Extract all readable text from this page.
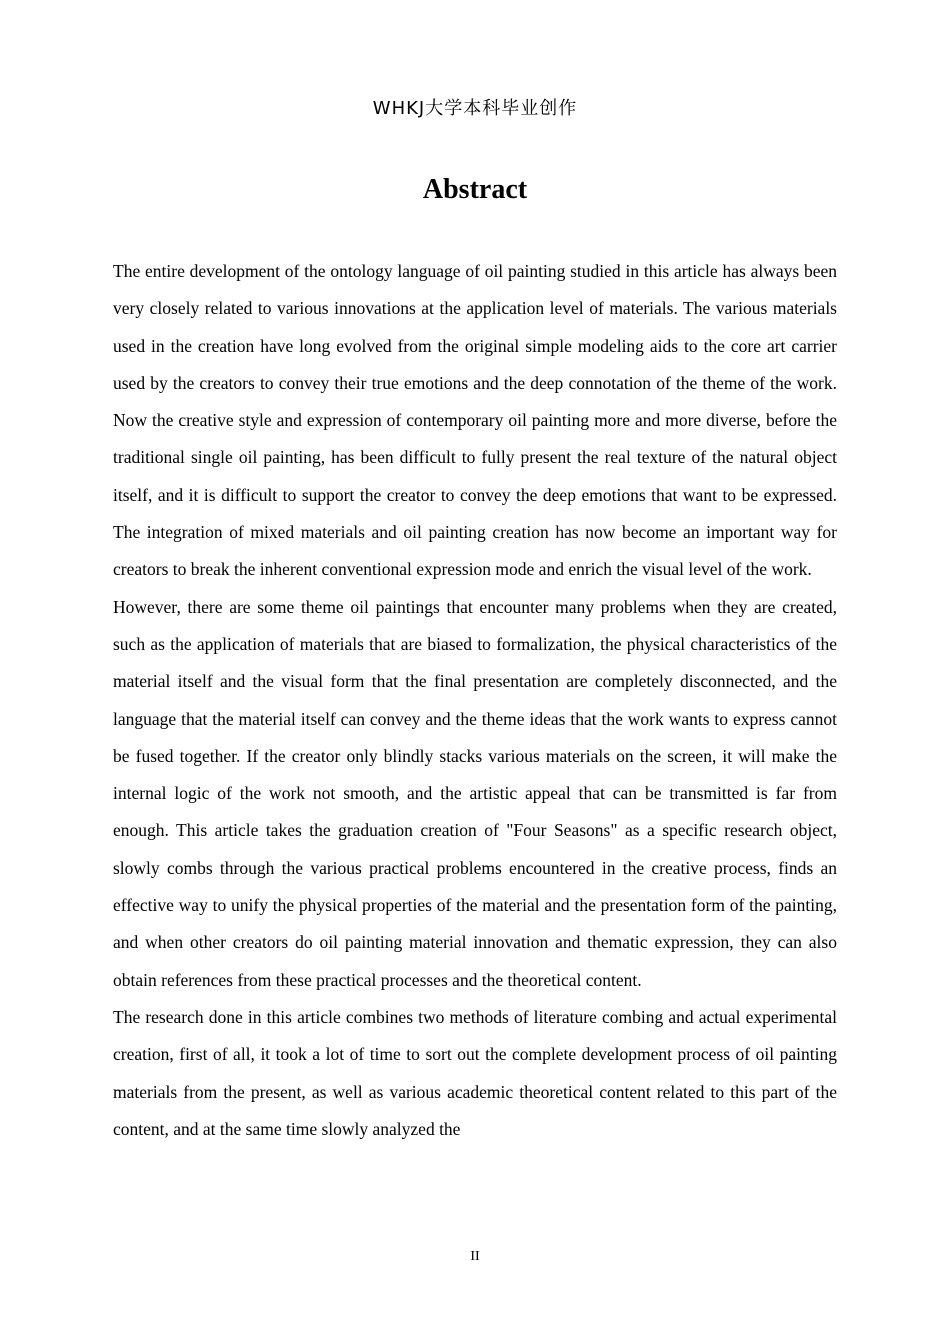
WHKJ大学本科毕业创作
Abstract

The entire development of the ontology language of oil painting studied in this article has always been very closely related to various innovations at the application level of materials. The various materials used in the creation have long evolved from the original simple modeling aids to the core art carrier used by the creators to convey their true emotions and the deep connotation of the theme of the work. Now the creative style and expression of contemporary oil painting more and more diverse, before the traditional single oil painting, has been difficult to fully present the real texture of the natural object itself, and it is difficult to support the creator to convey the deep emotions that want to be expressed. The integration of mixed materials and oil painting creation has now become an important way for creators to break the inherent conventional expression mode and enrich the visual level of the work.

However, there are some theme oil paintings that encounter many problems when they are created, such as the application of materials that are biased to formalization, the physical characteristics of the material itself and the visual form that the final presentation are completely disconnected, and the language that the material itself can convey and the theme ideas that the work wants to express cannot be fused together. If the creator only blindly stacks various materials on the screen, it will make the internal logic of the work not smooth, and the artistic appeal that can be transmitted is far from enough. This article takes the graduation creation of "Four Seasons" as a specific research object, slowly combs through the various practical problems encountered in the creative process, finds an effective way to unify the physical properties of the material and the presentation form of the painting, and when other creators do oil painting material innovation and thematic expression, they can also obtain references from these practical processes and the theoretical content.

The research done in this article combines two methods of literature combing and actual experimental creation, first of all, it took a lot of time to sort out the complete development process of oil painting materials from the present, as well as various academic theoretical content related to this part of the content, and at the same time slowly analyzed the

II
